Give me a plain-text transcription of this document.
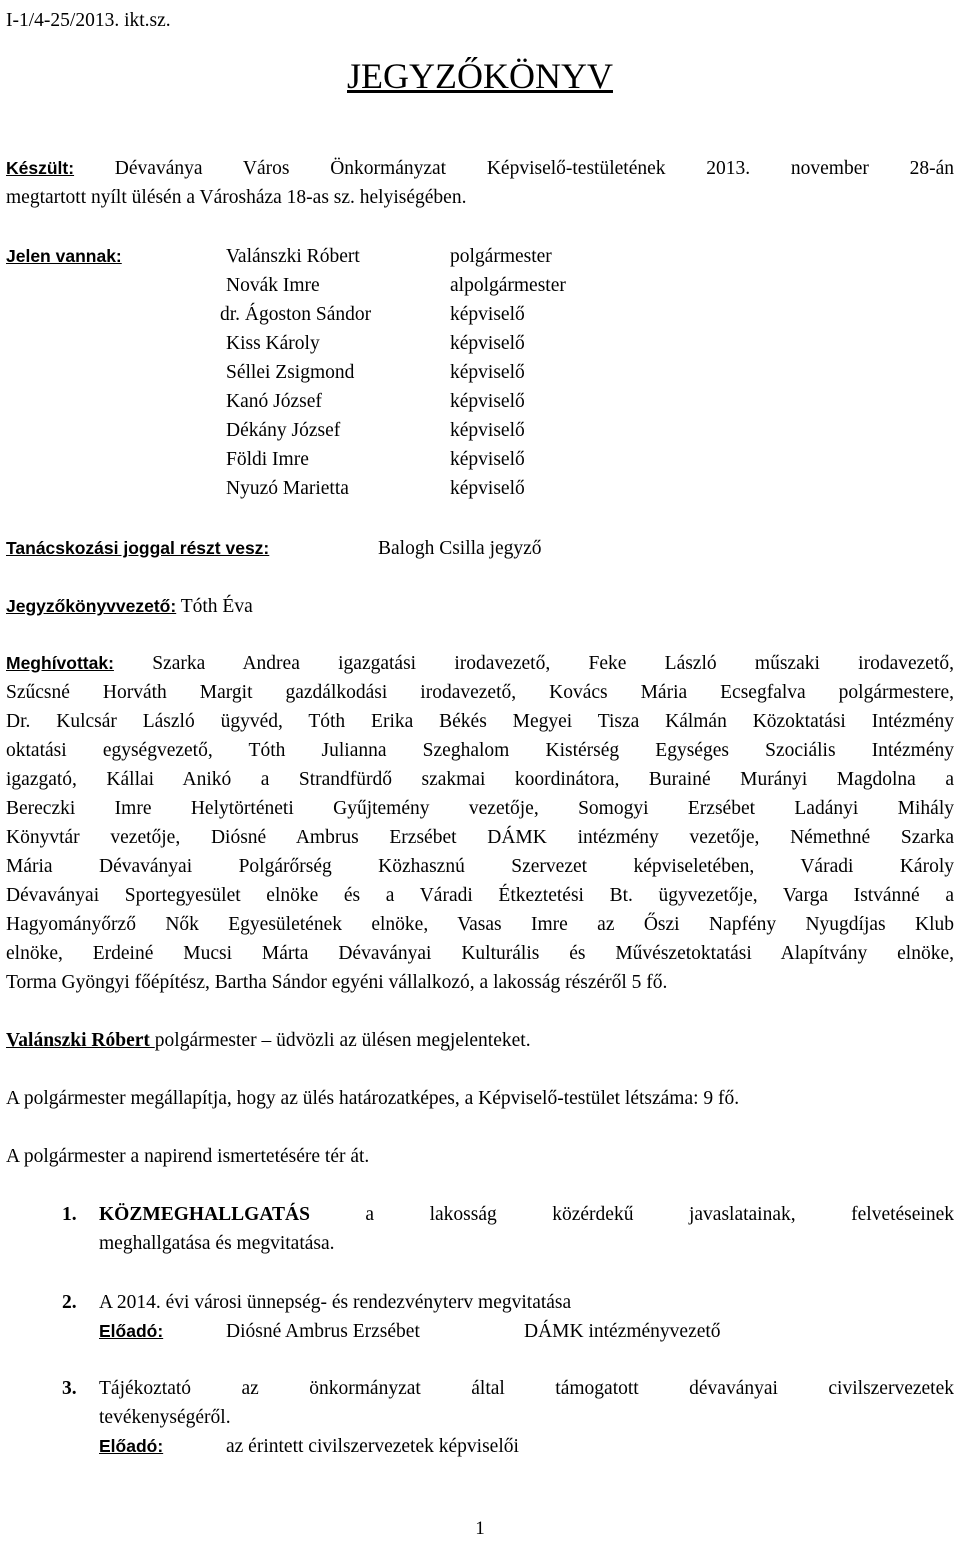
I-1/4-25/2013. ikt.sz.
JEGYZŐKÖNYV
Készült: Dévaványa Város Önkormányzat Képviselő-testületének 2013. november 28-án
megtartott nyílt ülésén a Városháza 18-as sz. helyiségében.
Jelen vannak:	Valánszki Róbert	polgármester
Novák Imre	alpolgármester
dr. Ágoston Sándor	képviselő
Kiss Károly	képviselő
Séllei Zsigmond	képviselő
Kanó József	képviselő
Dékány József	képviselő
Földi Imre	képviselő
Nyuzó Marietta	képviselő
Tanácskozási joggal részt vesz:	Balogh Csilla jegyző
Jegyzőkönyvvezető: Tóth Éva
Meghívottak: Szarka Andrea igazgatási irodavezető, Feke László műszaki irodavezető,
Szűcsné Horváth Margit gazdálkodási irodavezető, Kovács Mária Ecsegfalva polgármestere,
Dr. Kulcsár László ügyvéd, Tóth Erika Békés Megyei Tisza Kálmán Közoktatási Intézmény
oktatási egységvezető, Tóth Julianna Szeghalom Kistérség Egységes Szociális Intézmény
igazgató, Kállai Anikó a Strandfürdő szakmai koordinátora, Burainé Murányi Magdolna a
Bereczki Imre Helytörténeti Gyűjtemény vezetője, Somogyi Erzsébet Ladányi Mihály
Könyvtár vezetője, Diósné Ambrus Erzsébet DÁMK intézmény vezetője, Némethné Szarka
Mária Dévaványai Polgárőrség Közhasznú Szervezet képviseletében, Váradi Károly
Dévaványai Sportegyesület elnöke és a Váradi Étkeztetési Bt. ügyvezetője, Varga Istvánné a
Hagyományőrző Nők Egyesületének elnöke, Vasas Imre az Őszi Napfény Nyugdíjas Klub
elnöke, Erdeiné Mucsi Márta Dévaványai Kulturális és Művészetoktatási Alapítvány elnöke,
Torma Gyöngyi főépítész, Bartha Sándor egyéni vállalkozó, a lakosság részéről 5 fő.
Valánszki Róbert polgármester – üdvözli az ülésen megjelenteket.
A polgármester megállapítja, hogy az ülés határozatképes, a Képviselő-testület létszáma: 9 fő.
A polgármester a napirend ismertetésére tér át.
1. KÖZMEGHALLGATÁS a lakosság közérdekű javaslatainak, felvetéseinek
meghallgatása és megvitatása.
2. A 2014. évi városi ünnepség- és rendezvényterv megvitatása
Előadó:	Diósné Ambrus Erzsébet	DÁMK intézményvezető
3. Tájékoztató az önkormányzat által támogatott dévaványai civilszervezetek
tevékenységéről.
Előadó:	az érintett civilszervezetek képviselői
1
